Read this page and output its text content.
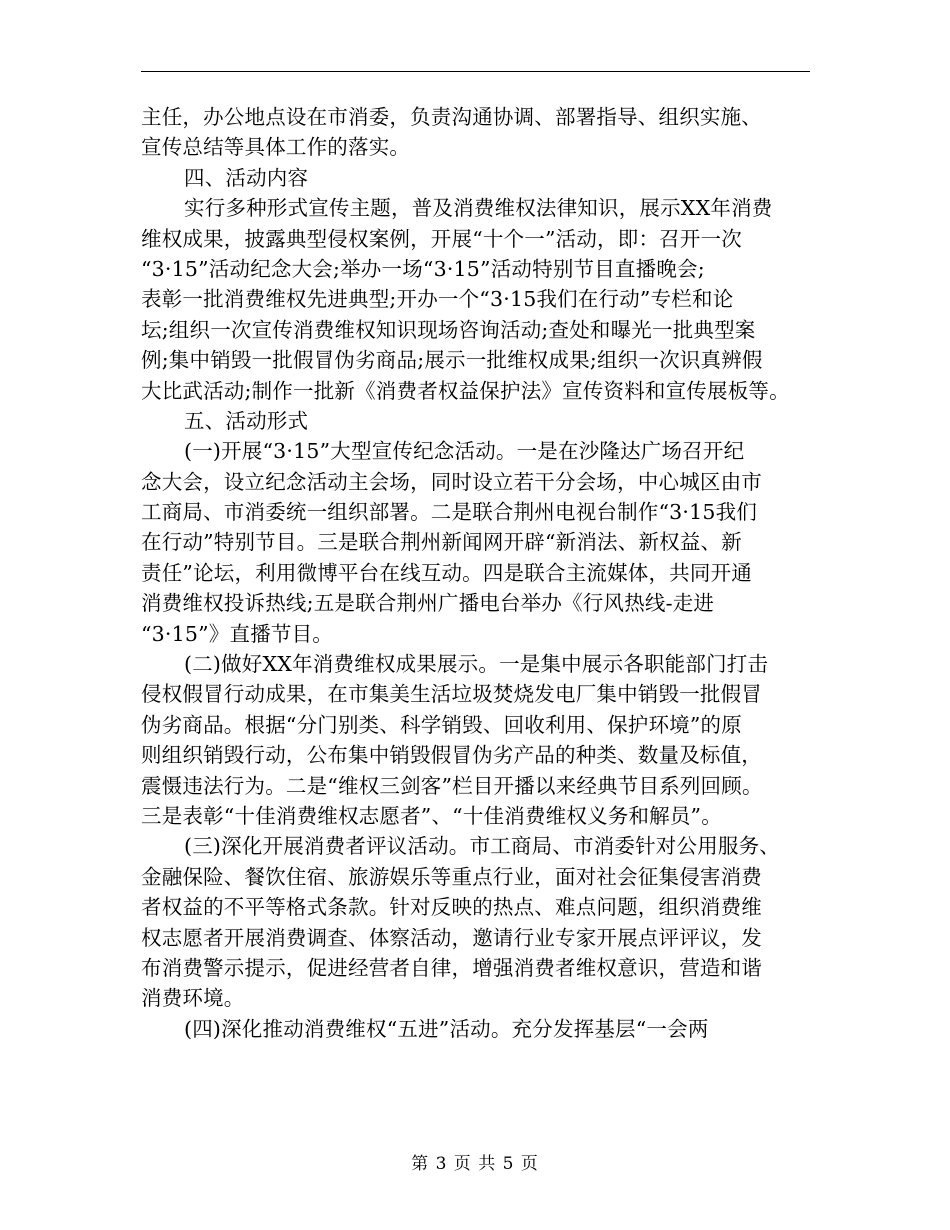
主任，办公地点设在市消委，负责沟通协调、部署指导、组织实施、
宣传总结等具体工作的落实。
四、活动内容
实行多种形式宣传主题，普及消费维权法律知识，展示XX年消费
维权成果，披露典型侵权案例，开展“十个一”活动，即：召开一次
“3·15”活动纪念大会;举办一场“3·15”活动特别节目直播晚会;
表彰一批消费维权先进典型;开办一个“3·15我们在行动”专栏和论
坛;组织一次宣传消费维权知识现场咨询活动;查处和曝光一批典型案
例;集中销毁一批假冒伪劣商品;展示一批维权成果;组织一次识真辨假
大比武活动;制作一批新《消费者权益保护法》宣传资料和宣传展板等。
五、活动形式
(一)开展“3·15”大型宣传纪念活动。一是在沙隆达广场召开纪
念大会，设立纪念活动主会场，同时设立若干分会场，中心城区由市
工商局、市消委统一组织部署。二是联合荆州电视台制作“3·15我们
在行动”特别节目。三是联合荆州新闻网开辟“新消法、新权益、新
责任”论坛，利用微博平台在线互动。四是联合主流媒体，共同开通
消费维权投诉热线;五是联合荆州广播电台举办《行风热线-走进
“3·15”》直播节目。
(二)做好XX年消费维权成果展示。一是集中展示各职能部门打击
侵权假冒行动成果，在市集美生活垃圾焚烧发电厂集中销毁一批假冒
伪劣商品。根据“分门别类、科学销毁、回收利用、保护环境”的原
则组织销毁行动，公布集中销毁假冒伪劣产品的种类、数量及标值，
震慑违法行为。二是“维权三剑客”栏目开播以来经典节目系列回顾。
三是表彰“十佳消费维权志愿者”、“十佳消费维权义务和解员”。
(三)深化开展消费者评议活动。市工商局、市消委针对公用服务、
金融保险、餐饮住宿、旅游娱乐等重点行业，面对社会征集侵害消费
者权益的不平等格式条款。针对反映的热点、难点问题，组织消费维
权志愿者开展消费调查、体察活动，邀请行业专家开展点评评议，发
布消费警示提示，促进经营者自律，增强消费者维权意识，营造和谐
消费环境。
(四)深化推动消费维权“五进”活动。充分发挥基层“一会两
第 3 页 共 5 页
